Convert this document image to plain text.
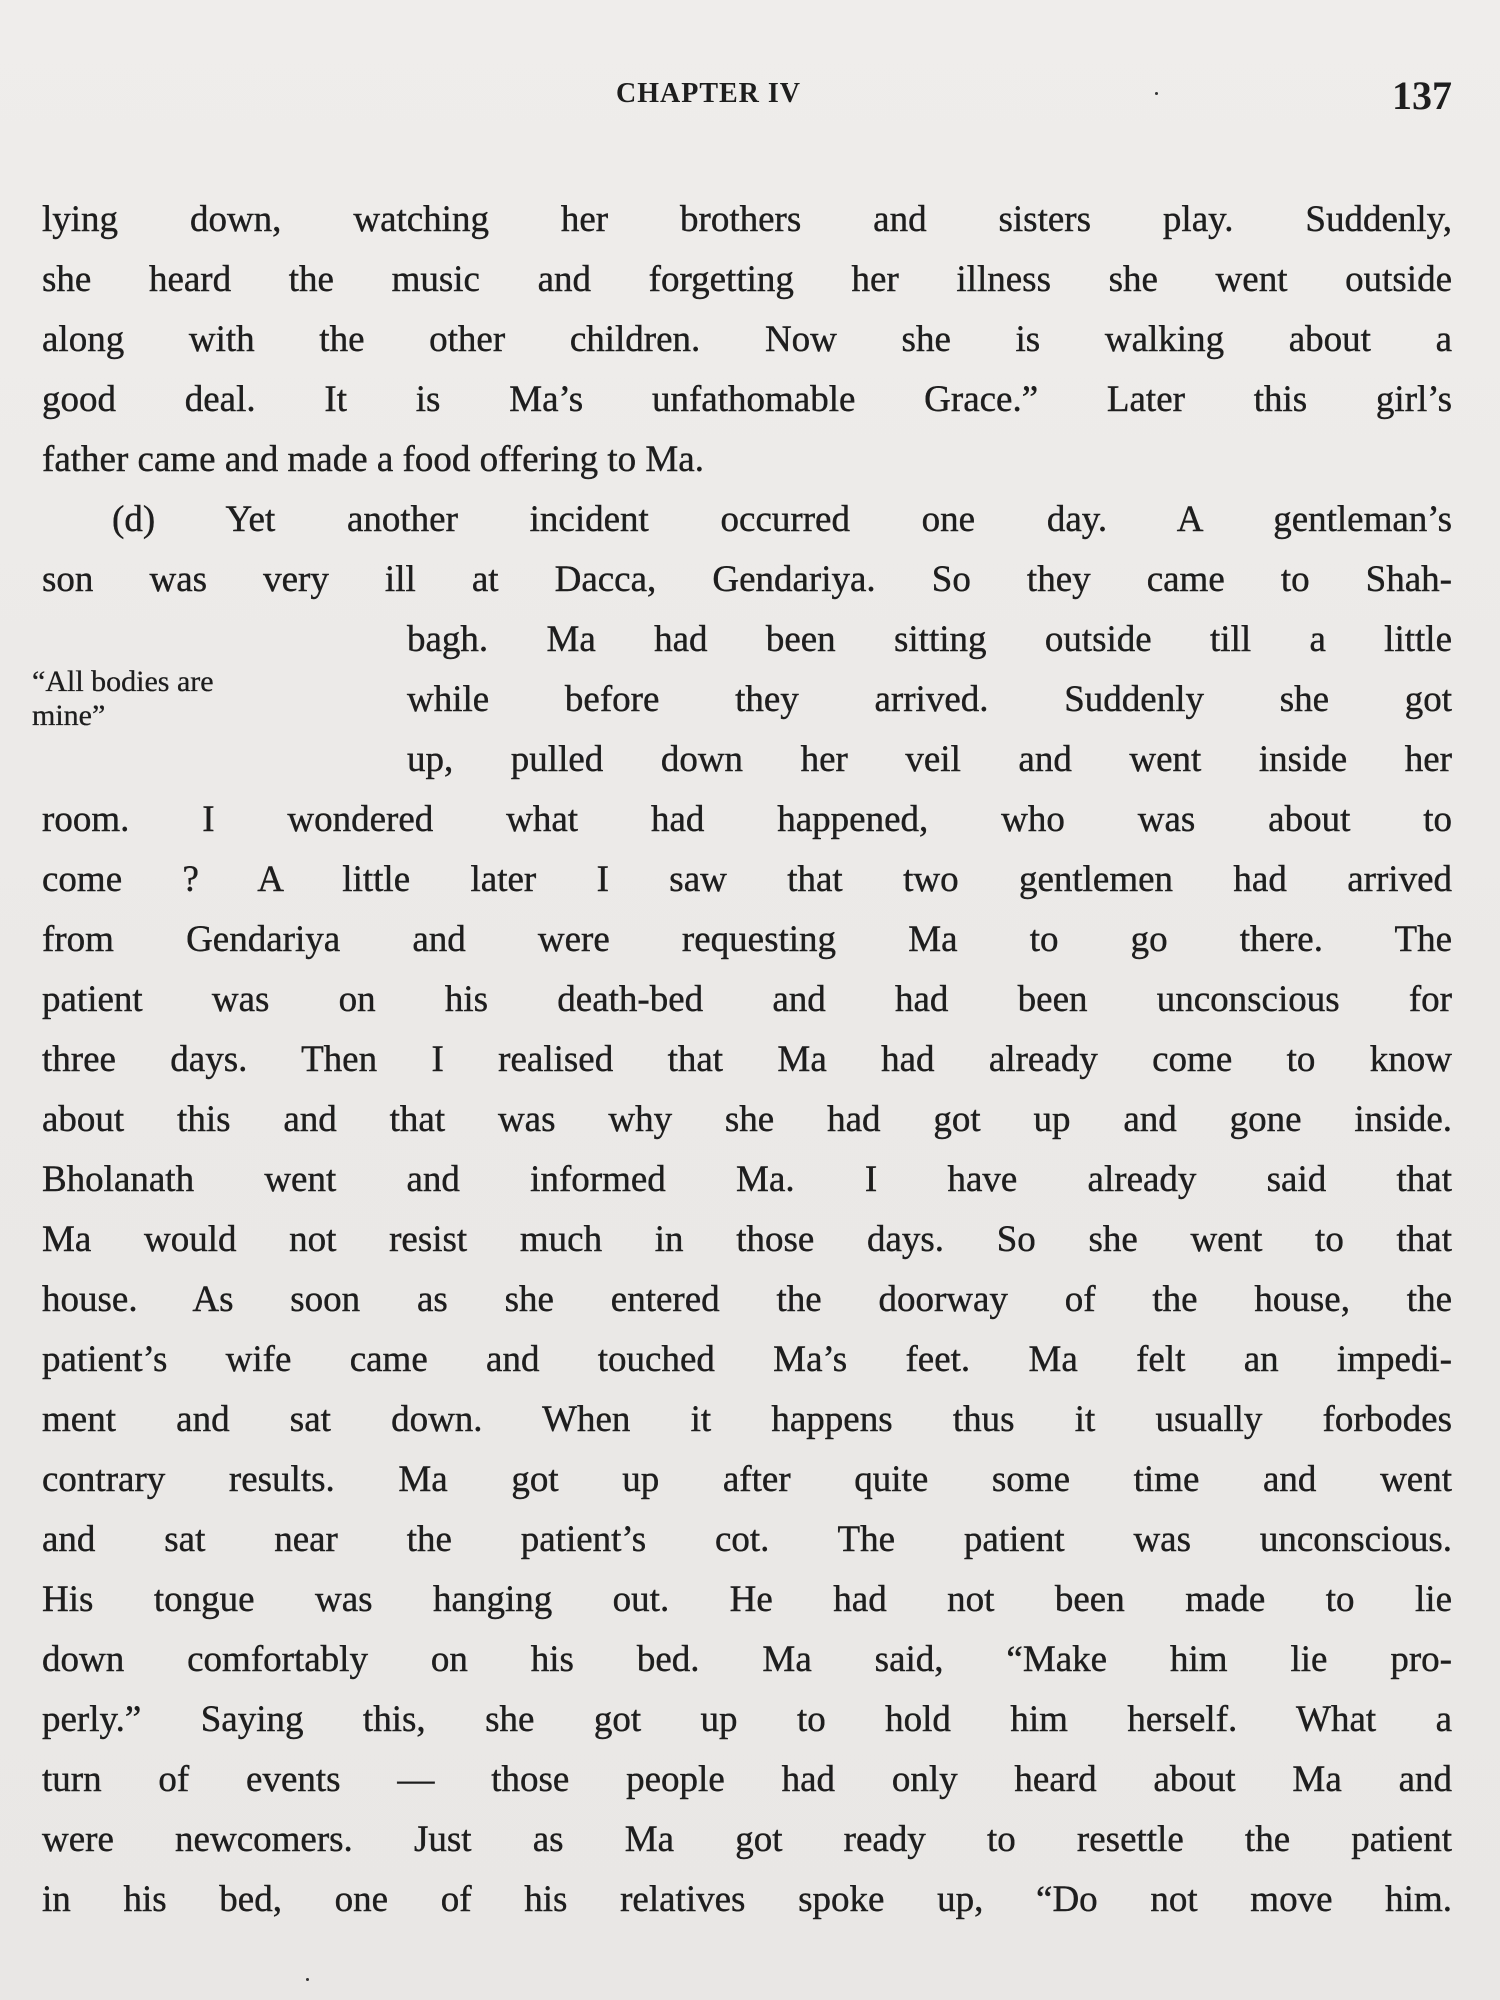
CHAPTER IV	137
“All bodies are
mine”
lying down, watching her brothers and sisters play. Suddenly,
she heard the music and forgetting her illness she went outside
along with the other children. Now she is walking about a
good deal. It is Ma’s unfathomable Grace.” Later this girl’s
father came and made a food offering to Ma.
(d) Yet another incident occurred one day. A gentleman’s
son was very ill at Dacca, Gendariya. So they came to Shah-
bagh. Ma had been sitting outside till a little
while before they arrived. Suddenly she got
up, pulled down her veil and went inside her
room. I wondered what had happened, who was about to
come ? A little later I saw that two gentlemen had arrived
from Gendariya and were requesting Ma to go there. The
patient was on his death-bed and had been unconscious for
three days. Then I realised that Ma had already come to know
about this and that was why she had got up and gone inside.
Bholanath went and informed Ma. I have already said that
Ma would not resist much in those days. So she went to that
house. As soon as she entered the doorway of the house, the
patient’s wife came and touched Ma’s feet. Ma felt an impedi-
ment and sat down. When it happens thus it usually forbodes
contrary results. Ma got up after quite some time and went
and sat near the patient’s cot. The patient was unconscious.
His tongue was hanging out. He had not been made to lie
down comfortably on his bed. Ma said, “Make him lie pro-
perly.” Saying this, she got up to hold him herself. What a
turn of events — those people had only heard about Ma and
were newcomers. Just as Ma got ready to resettle the patient
in his bed, one of his relatives spoke up, “Do not move him.
